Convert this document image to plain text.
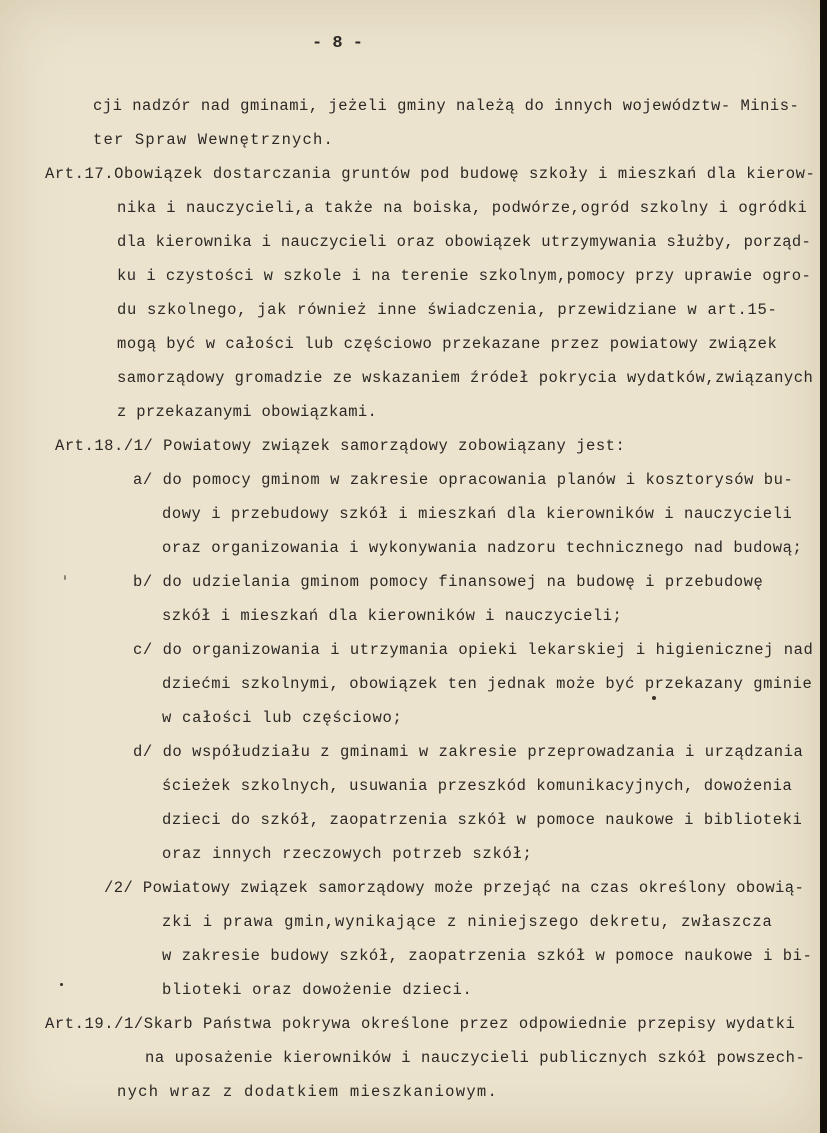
- 8 -
cji nadzór nad gminami, jeżeli gminy należą do innych województw- Minis-
ter Spraw Wewnętrznych.
Art.17.Obowiązek dostarczania gruntów pod budowę szkoły i mieszkań dla kierow-
nika i nauczycieli,a także na boiska, podwórze,ogród szkolny i ogródki
dla kierownika i nauczycieli oraz obowiązek utrzymywania służby, porząd-
ku i czystości w szkole i na terenie szkolnym,pomocy przy uprawie ogro-
du szkolnego, jak również inne świadczenia, przewidziane w art.15-
mogą być w całości lub częściowo przekazane przez powiatowy związek
samorządowy gromadzie ze wskazaniem źródeł pokrycia wydatków,związanych
z przekazanymi obowiązkami.
Art.18./1/ Powiatowy związek samorządowy zobowiązany jest:
a/ do pomocy gminom w zakresie opracowania planów i kosztorysów bu-
dowy i przebudowy szkół i mieszkań dla kierowników i nauczycieli
oraz organizowania i wykonywania nadzoru technicznego nad budową;
b/ do udzielania gminom pomocy finansowej na budowę i przebudowę
szkół i mieszkań dla kierowników i nauczycieli;
c/ do organizowania i utrzymania opieki lekarskiej i higienicznej nad
dziećmi szkolnymi, obowiązek ten jednak może być przekazany gminie
w całości lub częściowo;
d/ do współudziału z gminami w zakresie przeprowadzania i urządzania
ścieżek szkolnych, usuwania przeszkód komunikacyjnych, dowożenia
dzieci do szkół, zaopatrzenia szkół w pomoce naukowe i biblioteki
oraz innych rzeczowych potrzeb szkół;
/2/ Powiatowy związek samorządowy może przejąć na czas określony obowią-
zki i prawa gmin,wynikające z niniejszego dekretu, zwłaszcza
w zakresie budowy szkół, zaopatrzenia szkół w pomoce naukowe i bi-
blioteki oraz dowożenie dzieci.
Art.19./1/Skarb Państwa pokrywa określone przez odpowiednie przepisy wydatki
na uposażenie kierowników i nauczycieli publicznych szkół powszech-
nych wraz z dodatkiem mieszkaniowym.
